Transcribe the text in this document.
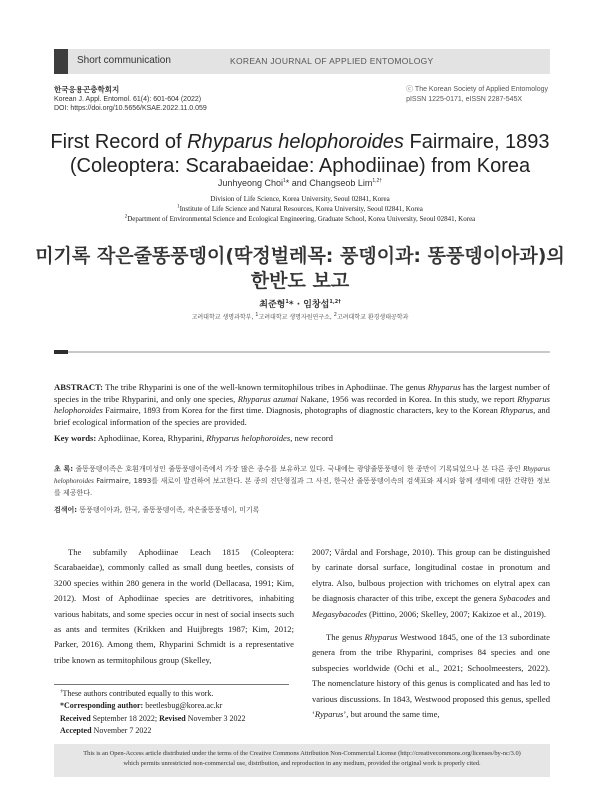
Short communication	KOREAN JOURNAL OF APPLIED ENTOMOLOGY
한국응용곤충학회지
Korean J. Appl. Entomol. 61(4): 601-604 (2022)
DOI: https://doi.org/10.5656/KSAE.2022.11.0.059
ⓒ The Korean Society of Applied Entomology
pISSN 1225-0171, eISSN 2287-545X
First Record of Rhyparus helophoroides Fairmaire, 1893
(Coleoptera: Scarabaeidae: Aphodiinae) from Korea
Junhyeong Choi$^1$* and Changseob Lim$^{1,2\dagger}$
Division of Life Science, Korea University, Seoul 02841, Korea
$^1$Institute of Life Science and Natural Resources, Korea University, Seoul 02841, Korea
$^2$Department of Environmental Science and Ecological Engineering, Graduate School, Korea University, Seoul 02841, Korea
미기록 작은줄똥풍뎅이(딱정벌레목: 풍뎅이과: 똥풍뎅이아과)의
한반도 보고
최준형$^1$* · 임창섭$^{1,2\dagger}$
고려대학교 생명과학부, $^1$고려대학교 생명자원연구소, $^2$고려대학교 환경생태공학과
ABSTRACT: The tribe Rhyparini is one of the well-known termitophilous tribes in Aphodiinae. The genus Rhyparus has the largest number of species in the tribe Rhyparini, and only one species, Rhyparus azumai Nakane, 1956 was recorded in Korea. In this study, we report Rhyparus helophoroides Fairmaire, 1893 from Korea for the first time. Diagnosis, photographs of diagnostic characters, key to the Korean Rhyparus, and brief ecological information of the species are provided.
Key words: Aphodiinae, Korea, Rhyparini, Rhyparus helophoroides, new record
초 록: 줄똥풍뎅이족은 호흰개미성인 줄똥풍뎅이족에서 가장 많은 종수를 보유하고 있다. 국내에는 광양줄똥풍뎅이 한 종만이 기록되었으나 본 다른 종인 Rhyparus helophoroides Fairmaire, 1893를 새로이 발견하여 보고한다. 본 종의 진단형질과 그 사진, 한국산 줄똥풍뎅이속의 검색표와 제시와 함께 생태에 대한 간략한 정보를 제공한다.
검색어: 똥풍뎅이아과, 한국, 줄똥풍뎅이족, 작은줄똥풍뎅이, 미기록

The subfamily Aphodiinae Leach 1815 (Coleoptera: Scarabaeidae), commonly called as small dung beetles, consists of 3200 species within 280 genera in the world (Dellacasa, 1991; Kim, 2012). Most of Aphodiinae species are detritivores, inhabiting various habitats, and some species occur in nest of social insects such as ants and termites (Krikken and Huijbregts 1987; Kim, 2012; Parker, 2016). Among them, Rhyparini Schmidt is a representative tribe known as termitophilous group (Skelley,

2007; Vårdal and Forshage, 2010). This group can be distinguished by carinate dorsal surface, longitudinal costae in pronotum and elytra. Also, bulbous projection with trichomes on elytral apex can be diagnosis character of this tribe, except the genera Sybacodes and Megasybacodes (Pittino, 2006; Skelley, 2007; Kakizoe et al., 2019).

The genus Rhyparus Westwood 1845, one of the 13 subordinate genera from the tribe Rhyparini, comprises 84 species and one subspecies worldwide (Ochi et al., 2021; Schoolmeesters, 2022). The nomenclature history of this genus is complicated and has led to various discussions. In 1843, Westwood proposed this genus, spelled ‘Ryparus’, but around the same time,

†These authors contributed equally to this work.
*Corresponding author: beetlesbug@korea.ac.kr
Received September 18 2022; Revised November 3 2022
Accepted November 7 2022
This is an Open-Access article distributed under the terms of the Creative Commons Attribution Non-Commercial License (http://creativecommons.org/licenses/by-nc/3.0)
which permits unrestricted non-commercial use, distribution, and reproduction in any medium, provided the original work is properly cited.
